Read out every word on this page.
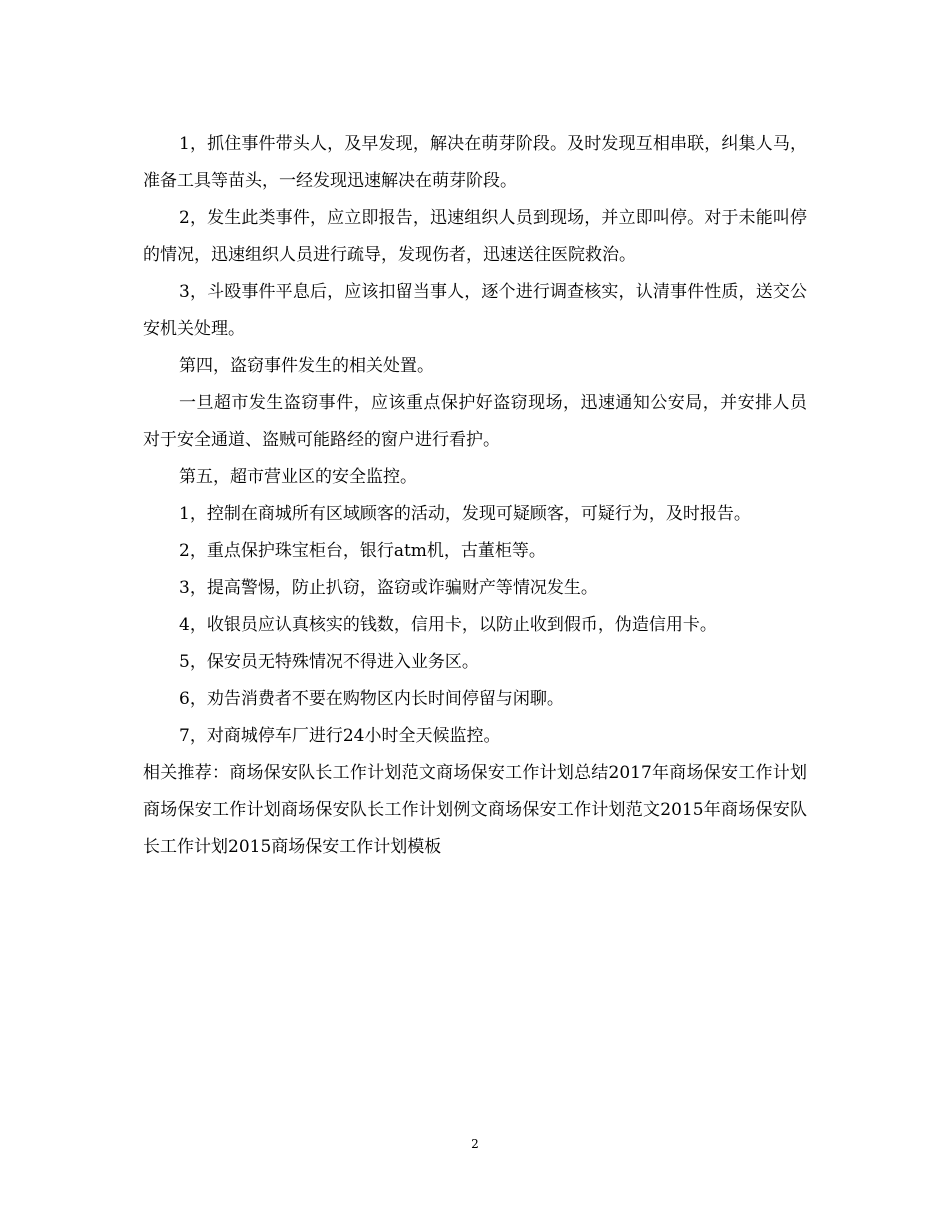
1，抓住事件带头人，及早发现，解决在萌芽阶段。及时发现互相串联，纠集人马，准备工具等苗头，一经发现迅速解决在萌芽阶段。

2，发生此类事件，应立即报告，迅速组织人员到现场，并立即叫停。对于未能叫停的情况，迅速组织人员进行疏导，发现伤者，迅速送往医院救治。

3，斗殴事件平息后，应该扣留当事人，逐个进行调查核实，认清事件性质，送交公安机关处理。

第四，盗窃事件发生的相关处置。

一旦超市发生盗窃事件，应该重点保护好盗窃现场，迅速通知公安局，并安排人员对于安全通道、盗贼可能路经的窗户进行看护。

第五，超市营业区的安全监控。

1，控制在商城所有区域顾客的活动，发现可疑顾客，可疑行为，及时报告。

2，重点保护珠宝柜台，银行atm机，古董柜等。

3，提高警惕，防止扒窃，盗窃或诈骗财产等情况发生。

4，收银员应认真核实的钱数，信用卡，以防止收到假币，伪造信用卡。

5，保安员无特殊情况不得进入业务区。

6，劝告消费者不要在购物区内长时间停留与闲聊。

7，对商城停车厂进行24小时全天候监控。

相关推荐：商场保安队长工作计划范文商场保安工作计划总结2017年商场保安工作计划商场保安工作计划商场保安队长工作计划例文商场保安工作计划范文2015年商场保安队长工作计划2015商场保安工作计划模板

2
